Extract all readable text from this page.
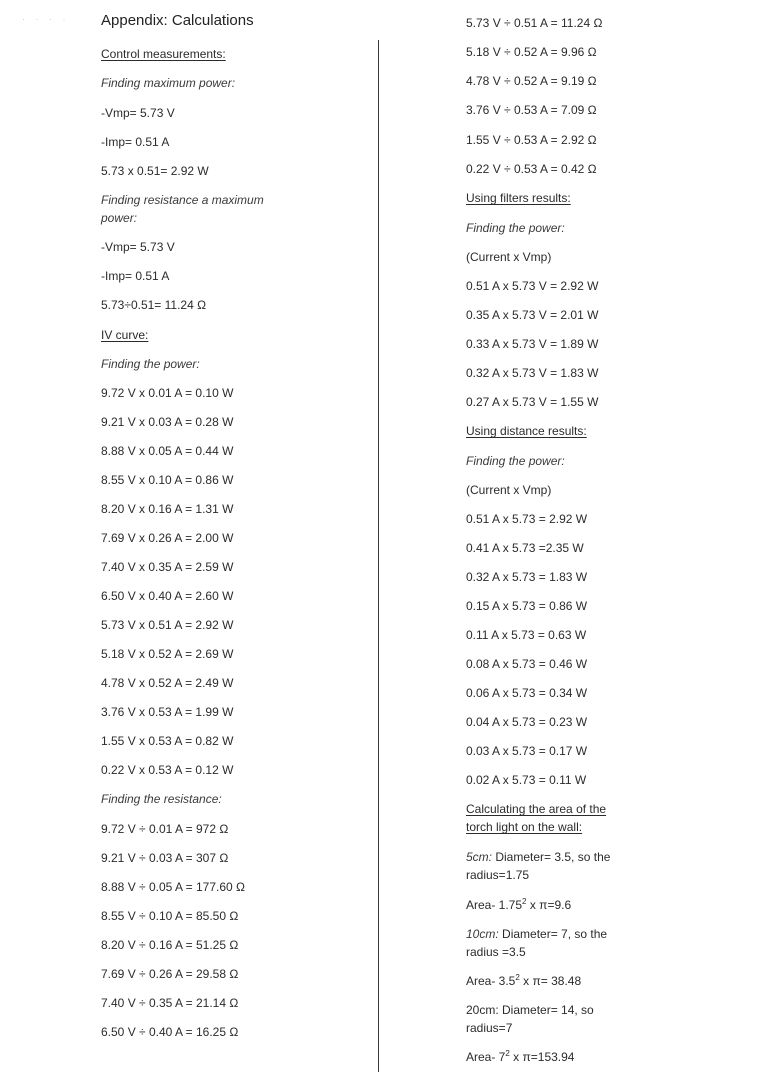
· · · · Appendix: Calculations
Control measurements:
Finding maximum power:
-Vmp= 5.73 V
-Imp= 0.51 A
5.73 x 0.51= 2.92 W
Finding resistance a maximum power:
-Vmp= 5.73 V
-Imp= 0.51 A
5.73÷0.51= 11.24 Ω
IV curve:
Finding the power:
9.72 V x 0.01 A = 0.10 W
9.21 V x 0.03 A = 0.28 W
8.88 V x 0.05 A = 0.44 W
8.55 V x 0.10 A = 0.86 W
8.20 V x 0.16 A = 1.31 W
7.69 V x 0.26 A = 2.00 W
7.40 V x 0.35 A = 2.59 W
6.50 V x 0.40 A = 2.60 W
5.73 V x 0.51 A = 2.92 W
5.18 V x 0.52 A = 2.69 W
4.78 V x 0.52 A = 2.49 W
3.76 V x 0.53 A = 1.99 W
1.55 V x 0.53 A = 0.82 W
0.22 V x 0.53 A = 0.12 W
Finding the resistance:
9.72 V ÷ 0.01 A = 972 Ω
9.21 V ÷ 0.03 A = 307 Ω
8.88 V ÷ 0.05 A = 177.60 Ω
8.55 V ÷ 0.10 A = 85.50 Ω
8.20 V ÷ 0.16 A = 51.25 Ω
7.69 V ÷ 0.26 A = 29.58 Ω
7.40 V ÷ 0.35 A = 21.14 Ω
6.50 V ÷ 0.40 A = 16.25 Ω
5.73 V ÷ 0.51 A = 11.24 Ω
5.18 V ÷ 0.52 A = 9.96 Ω
4.78 V ÷ 0.52 A = 9.19 Ω
3.76 V ÷ 0.53 A = 7.09 Ω
1.55 V ÷ 0.53 A = 2.92 Ω
0.22 V ÷ 0.53 A = 0.42 Ω
Using filters results:
Finding the power:
(Current x Vmp)
0.51 A x 5.73 V = 2.92 W
0.35 A x 5.73 V = 2.01 W
0.33 A x 5.73 V = 1.89 W
0.32 A x 5.73 V = 1.83 W
0.27 A x 5.73 V = 1.55 W
Using distance results:
Finding the power:
(Current x Vmp)
0.51 A x 5.73 = 2.92 W
0.41 A x 5.73 =2.35 W
0.32 A x 5.73 = 1.83 W
0.15 A x 5.73 = 0.86 W
0.11 A x 5.73 = 0.63 W
0.08 A x 5.73 = 0.46 W
0.06 A x 5.73 = 0.34 W
0.04 A x 5.73 = 0.23 W
0.03 A x 5.73 = 0.17 W
0.02 A x 5.73 = 0.11 W
Calculating the area of the torch light on the wall:
5cm: Diameter= 3.5, so the radius=1.75
Area- 1.75$^2$ x π=9.6
10cm: Diameter= 7, so the radius =3.5
Area- $3.5^2$ x π= 38.48
20cm: Diameter= 14, so radius=7
Area- $7^2$ x π=153.94
